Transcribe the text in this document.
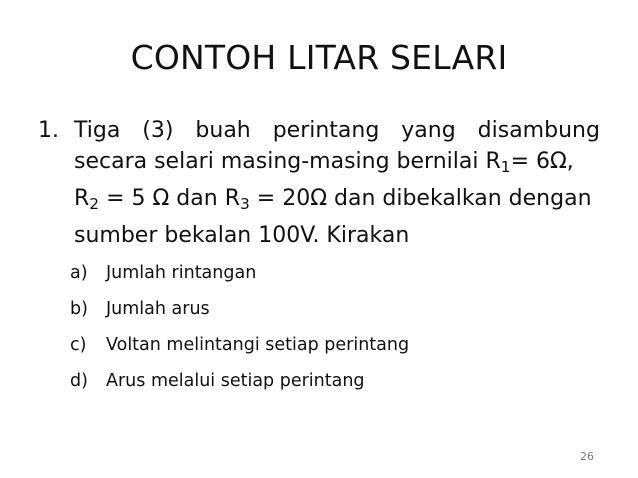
CONTOH LITAR SELARI
1. Tiga (3) buah perintang yang disambung
secara selari masing-masing bernilai $R_1= 6\Omega$,
$R_2 = 5$ Ω dan $R_3 = 20\Omega$ dan dibekalkan dengan
sumber bekalan 100V. Kirakan
a)	Jumlah rintangan
b)	Jumlah arus
c)	Voltan melintangi setiap perintang
d)	Arus melalui setiap perintang
26
